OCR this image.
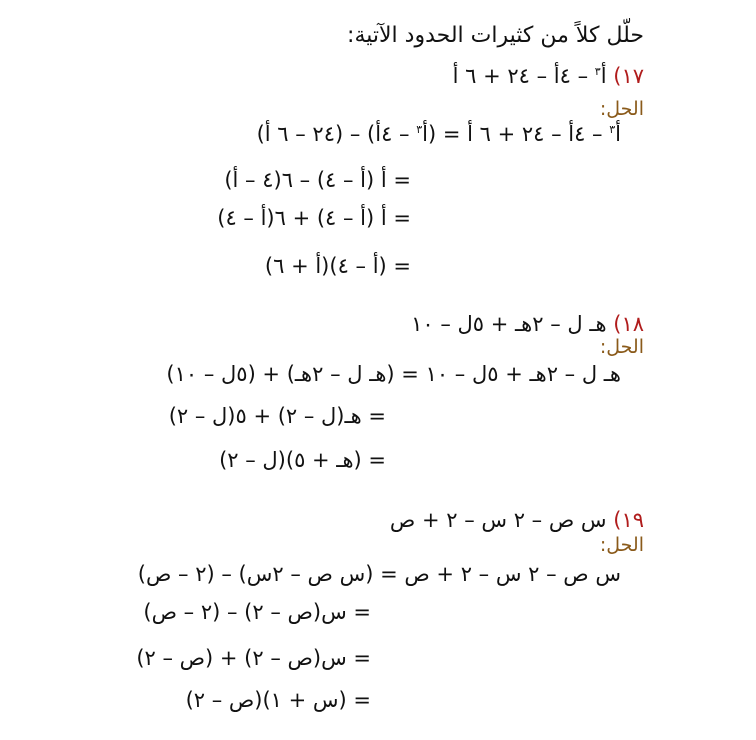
حلّل كلاً من كثيرات الحدود الآتية:
١٧) أ$^٣$ – ٤أ – ٢٤ + ٦ أ
الحل:
أ$^٣$ – ٤أ – ٢٤ + ٦ أ = (أ$^٣$ – ٤أ) – (٢٤ – ٦ أ)
= أ (أ – ٤) – ٦(٤ – أ)
= أ (أ – ٤) + ٦(أ – ٤)
= (أ – ٤)(أ + ٦)
١٨) هـ ل – ٢هـ + ٥ل – ١٠
الحل:
هـ ل – ٢هـ + ٥ل – ١٠ = (هـ ل – ٢هـ) + (٥ل – ١٠)
= هـ(ل – ٢) + ٥(ل – ٢)
= (هـ + ٥)(ل – ٢)
١٩) س ص – ٢ س – ٢ + ص
الحل:
س ص – ٢ س – ٢ + ص = (س ص – ٢س) – (٢ – ص)
= س(ص – ٢) – (٢ – ص)
= س(ص – ٢) + (ص – ٢)
= (س + ١)(ص – ٢)
